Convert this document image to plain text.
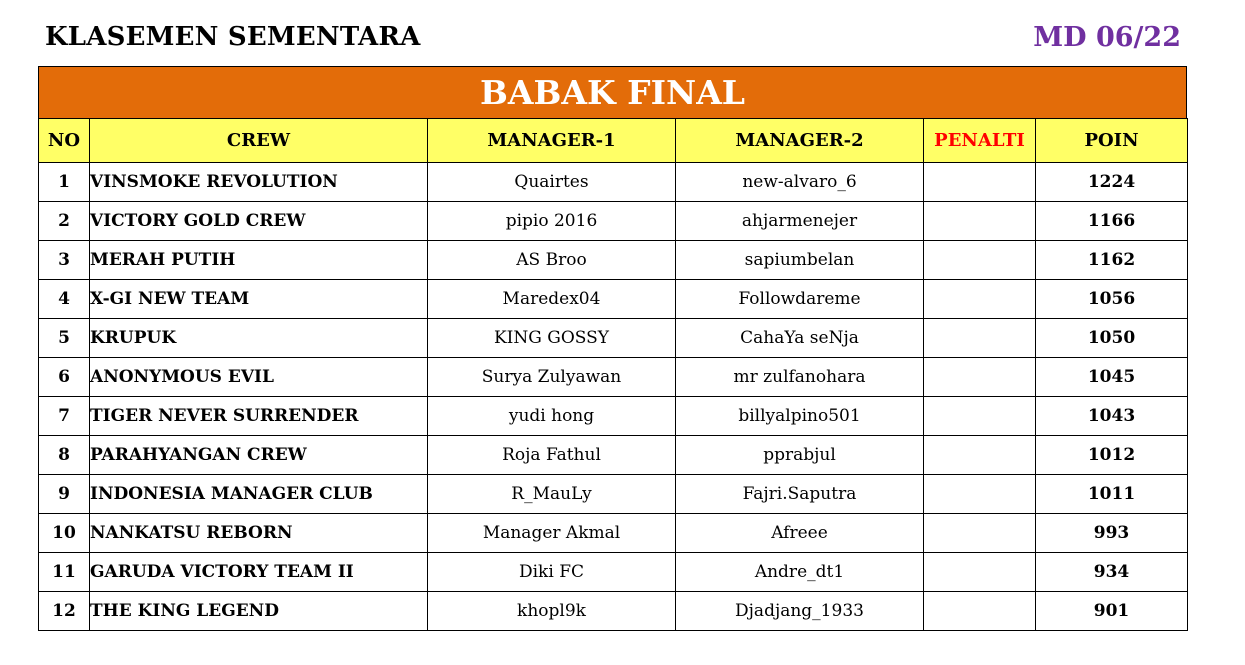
KLASEMEN SEMENTARA	MD 06/22
BABAK FINAL
NO	CREW	MANAGER-1	MANAGER-2	PENALTI	POIN
1	VINSMOKE REVOLUTION	Quairtes	new-alvaro_6		1224
2	VICTORY GOLD CREW	pipio 2016	ahjarmenejer		1166
3	MERAH PUTIH	AS Broo	sapiumbelan		1162
4	X-GI NEW TEAM	Maredex04	Followdareme		1056
5	KRUPUK	KING GOSSY	CahaYa seNja		1050
6	ANONYMOUS EVIL	Surya Zulyawan	mr zulfanohara		1045
7	TIGER NEVER SURRENDER	yudi hong	billyalpino501		1043
8	PARAHYANGAN CREW	Roja Fathul	pprabjul		1012
9	INDONESIA MANAGER CLUB	R_MauLy	Fajri.Saputra		1011
10	NANKATSU REBORN	Manager Akmal	Afreee		993
11	GARUDA VICTORY TEAM II	Diki FC	Andre_dt1		934
12	THE KING LEGEND	khopl9k	Djadjang_1933		901
